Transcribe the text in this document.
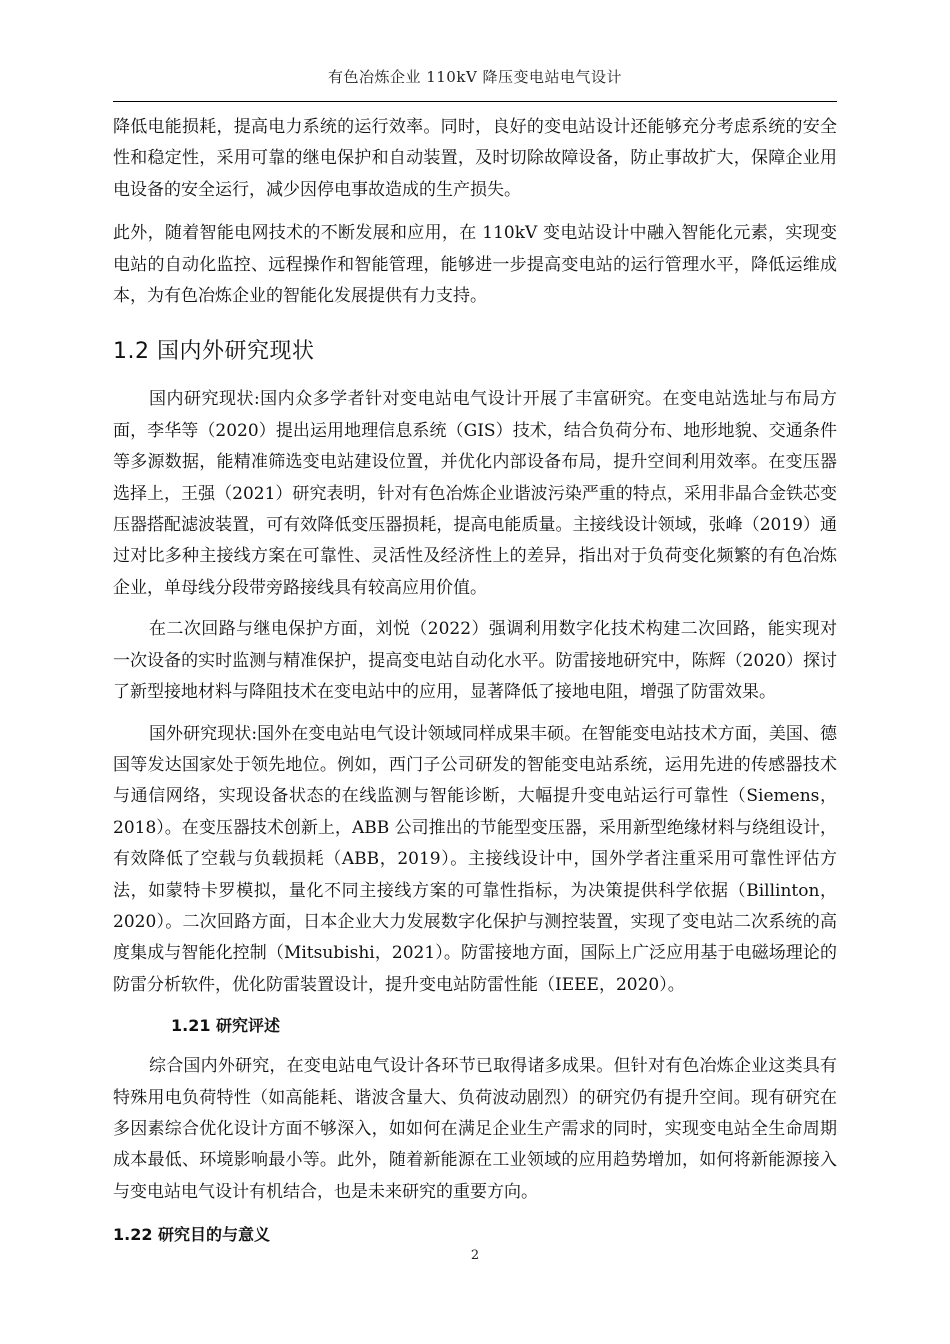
有色冶炼企业 110kV 降压变电站电气设计

降低电能损耗，提高电力系统的运行效率。同时，良好的变电站设计还能够充分考虑系统的安全性和稳定性，采用可靠的继电保护和自动装置，及时切除故障设备，防止事故扩大，保障企业用电设备的安全运行，减少因停电事故造成的生产损失。

此外，随着智能电网技术的不断发展和应用，在 110kV 变电站设计中融入智能化元素，实现变电站的自动化监控、远程操作和智能管理，能够进一步提高变电站的运行管理水平，降低运维成本，为有色冶炼企业的智能化发展提供有力支持。

1.2 国内外研究现状

国内研究现状:国内众多学者针对变电站电气设计开展了丰富研究。在变电站选址与布局方面，李华等（2020）提出运用地理信息系统（GIS）技术，结合负荷分布、地形地貌、交通条件等多源数据，能精准筛选变电站建设位置，并优化内部设备布局，提升空间利用效率。在变压器选择上，王强（2021）研究表明，针对有色冶炼企业谐波污染严重的特点，采用非晶合金铁芯变压器搭配滤波装置，可有效降低变压器损耗，提高电能质量。主接线设计领域，张峰（2019）通过对比多种主接线方案在可靠性、灵活性及经济性上的差异，指出对于负荷变化频繁的有色冶炼企业，单母线分段带旁路接线具有较高应用价值。

在二次回路与继电保护方面，刘悦（2022）强调利用数字化技术构建二次回路，能实现对一次设备的实时监测与精准保护，提高变电站自动化水平。防雷接地研究中，陈辉（2020）探讨了新型接地材料与降阻技术在变电站中的应用，显著降低了接地电阻，增强了防雷效果。

国外研究现状:国外在变电站电气设计领域同样成果丰硕。在智能变电站技术方面，美国、德国等发达国家处于领先地位。例如，西门子公司研发的智能变电站系统，运用先进的传感器技术与通信网络，实现设备状态的在线监测与智能诊断，大幅提升变电站运行可靠性（Siemens，2018）。在变压器技术创新上，ABB 公司推出的节能型变压器，采用新型绝缘材料与绕组设计，有效降低了空载与负载损耗（ABB，2019）。主接线设计中，国外学者注重采用可靠性评估方法，如蒙特卡罗模拟，量化不同主接线方案的可靠性指标，为决策提供科学依据（Billinton，2020）。二次回路方面，日本企业大力发展数字化保护与测控装置，实现了变电站二次系统的高度集成与智能化控制（Mitsubishi，2021）。防雷接地方面，国际上广泛应用基于电磁场理论的防雷分析软件，优化防雷装置设计，提升变电站防雷性能（IEEE，2020）。

1.21 研究评述

综合国内外研究，在变电站电气设计各环节已取得诸多成果。但针对有色冶炼企业这类具有特殊用电负荷特性（如高能耗、谐波含量大、负荷波动剧烈）的研究仍有提升空间。现有研究在多因素综合优化设计方面不够深入，如如何在满足企业生产需求的同时，实现变电站全生命周期成本最低、环境影响最小等。此外，随着新能源在工业领域的应用趋势增加，如何将新能源接入与变电站电气设计有机结合，也是未来研究的重要方向。

1.22 研究目的与意义
2
